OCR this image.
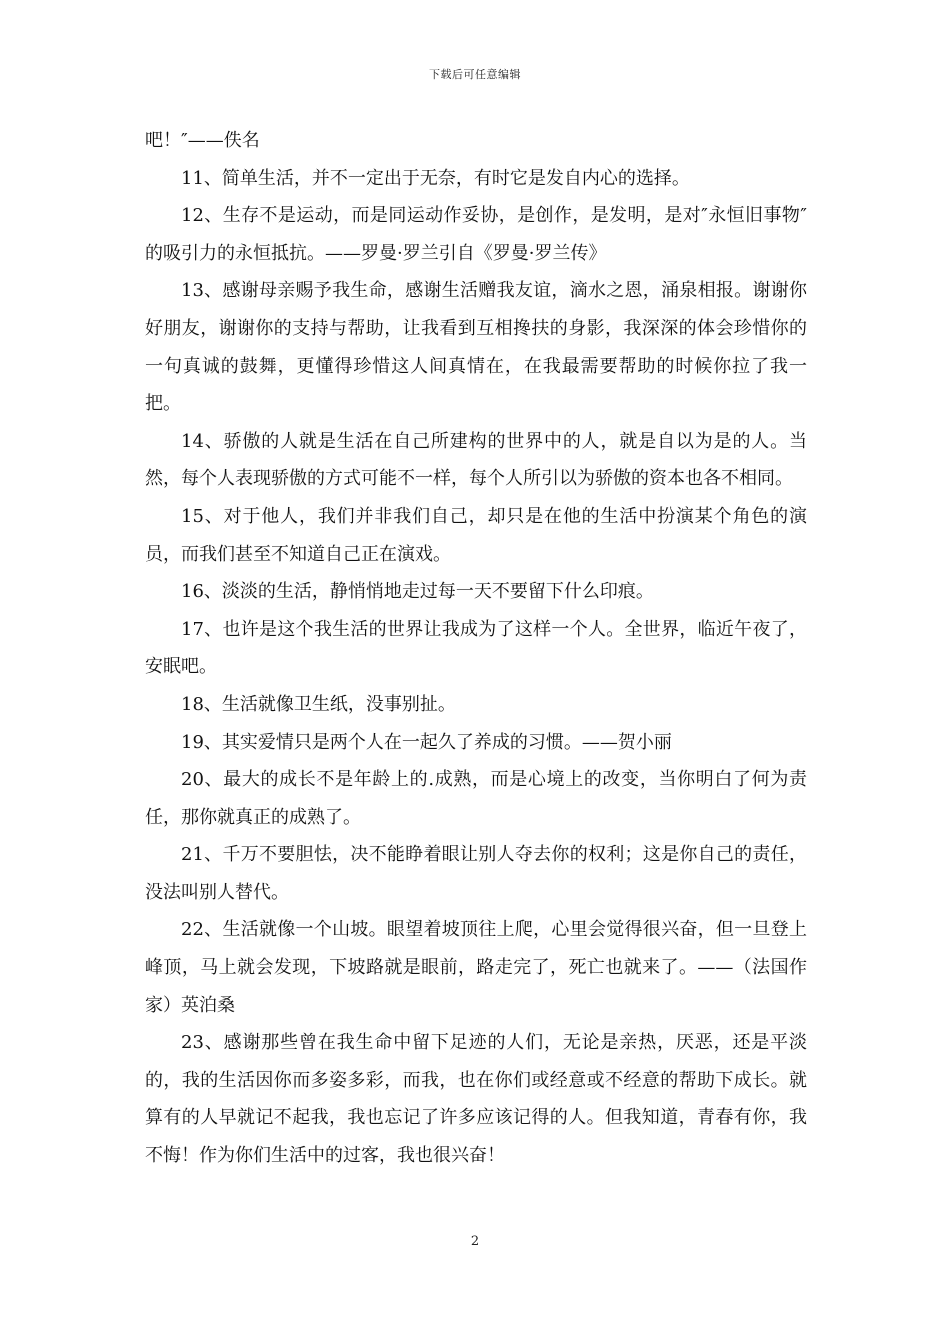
下载后可任意编辑

吧！″——佚名

11、简单生活，并不一定出于无奈，有时它是发自内心的选择。

12、生存不是运动，而是同运动作妥协，是创作，是发明，是对″永恒旧事物″的吸引力的永恒抵抗。——罗曼·罗兰引自《罗曼·罗兰传》

13、感谢母亲赐予我生命，感谢生活赠我友谊，滴水之恩，涌泉相报。谢谢你好朋友，谢谢你的支持与帮助，让我看到互相搀扶的身影，我深深的体会珍惜你的一句真诚的鼓舞，更懂得珍惜这人间真情在，在我最需要帮助的时候你拉了我一把。

14、骄傲的人就是生活在自己所建构的世界中的人，就是自以为是的人。当然，每个人表现骄傲的方式可能不一样，每个人所引以为骄傲的资本也各不相同。

15、对于他人，我们并非我们自己，却只是在他的生活中扮演某个角色的演员，而我们甚至不知道自己正在演戏。

16、淡淡的生活，静悄悄地走过每一天不要留下什么印痕。

17、也许是这个我生活的世界让我成为了这样一个人。全世界，临近午夜了，安眠吧。

18、生活就像卫生纸，没事别扯。

19、其实爱情只是两个人在一起久了养成的习惯。——贺小丽

20、最大的成长不是年龄上的.成熟，而是心境上的改变，当你明白了何为责任，那你就真正的成熟了。

21、千万不要胆怯，决不能睁着眼让别人夺去你的权利；这是你自己的责任，没法叫别人替代。

22、生活就像一个山坡。眼望着坡顶往上爬，心里会觉得很兴奋，但一旦登上峰顶，马上就会发现，下坡路就是眼前，路走完了，死亡也就来了。——（法国作家）英泊桑

23、感谢那些曾在我生命中留下足迹的人们，无论是亲热，厌恶，还是平淡的，我的生活因你而多姿多彩，而我，也在你们或经意或不经意的帮助下成长。就算有的人早就记不起我，我也忘记了许多应该记得的人。但我知道，青春有你，我不悔！作为你们生活中的过客，我也很兴奋！

2
